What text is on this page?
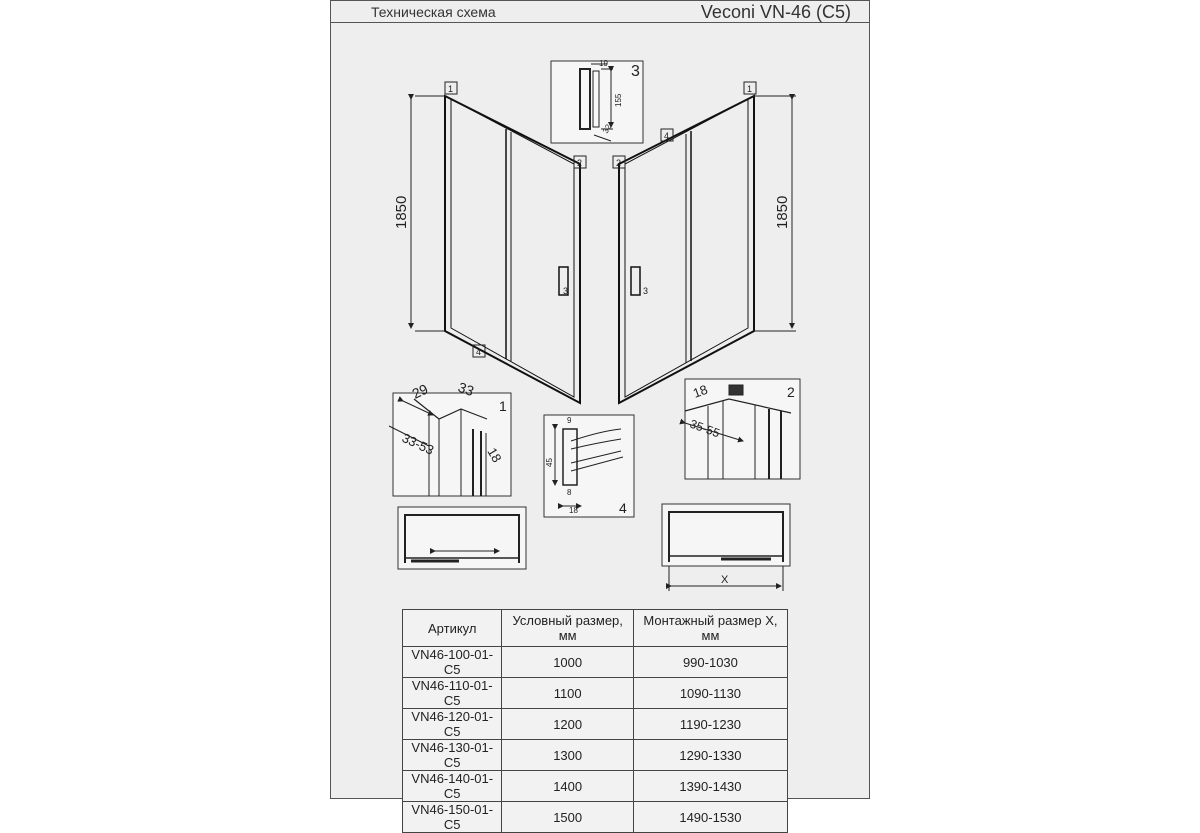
Техническая схема	Veconi VN-46 (C5)
1850	1850
1	1
2	2
3	3
4
4
3
19
155
32
1
29 33
33-53	18
2
18
35-55
4
9
45
8
18
X
Артикул	Условный размер, мм	Монтажный размер X, мм
VN46-100-01-C5	1000	990-1030
VN46-110-01-C5	1100	1090-1130
VN46-120-01-C5	1200	1190-1230
VN46-130-01-C5	1300	1290-1330
VN46-140-01-C5	1400	1390-1430
VN46-150-01-C5	1500	1490-1530
